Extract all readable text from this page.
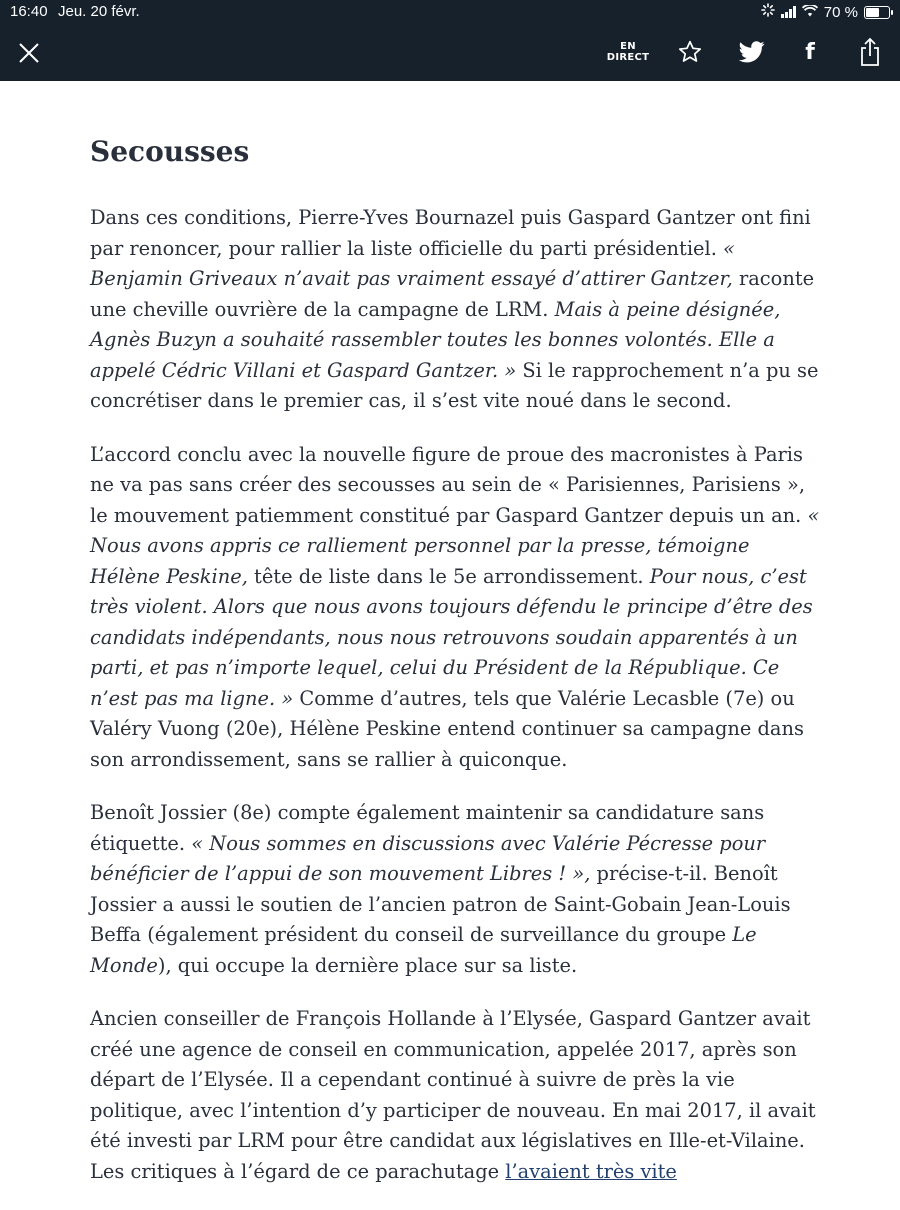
16:40 Jeu. 20 févr.	70 %
EN
DIRECT	f
Secousses

Dans ces conditions, Pierre-Yves Bournazel puis Gaspard Gantzer ont fini par renoncer, pour rallier la liste officielle du parti présidentiel. « Benjamin Griveaux n’avait pas vraiment essayé d’attirer Gantzer, raconte une cheville ouvrière de la campagne de LRM. Mais à peine désignée, Agnès Buzyn a souhaité rassembler toutes les bonnes volontés. Elle a appelé Cédric Villani et Gaspard Gantzer. » Si le rapprochement n’a pu se concrétiser dans le premier cas, il s’est vite noué dans le second.

L’accord conclu avec la nouvelle figure de proue des macronistes à Paris ne va pas sans créer des secousses au sein de « Parisiennes, Parisiens », le mouvement patiemment constitué par Gaspard Gantzer depuis un an. « Nous avons appris ce ralliement personnel par la presse, témoigne Hélène Peskine, tête de liste dans le 5e arrondissement. Pour nous, c’est très violent. Alors que nous avons toujours défendu le principe d’être des candidats indépendants, nous nous retrouvons soudain apparentés à un parti, et pas n’importe lequel, celui du Président de la République. Ce n’est pas ma ligne. » Comme d’autres, tels que Valérie Lecasble (7e) ou Valéry Vuong (20e), Hélène Peskine entend continuer sa campagne dans son arrondissement, sans se rallier à quiconque.

Benoît Jossier (8e) compte également maintenir sa candidature sans étiquette. « Nous sommes en discussions avec Valérie Pécresse pour bénéficier de l’appui de son mouvement Libres ! », précise-t-il. Benoît Jossier a aussi le soutien de l’ancien patron de Saint-Gobain Jean-Louis Beffa (également président du conseil de surveillance du groupe Le Monde), qui occupe la dernière place sur sa liste.

Ancien conseiller de François Hollande à l’Elysée, Gaspard Gantzer avait créé une agence de conseil en communication, appelée 2017, après son départ de l’Elysée. Il a cependant continué à suivre de près la vie politique, avec l’intention d’y participer de nouveau. En mai 2017, il avait été investi par LRM pour être candidat aux législatives en Ille-et-Vilaine. Les critiques à l’égard de ce parachutage l’avaient très vite
